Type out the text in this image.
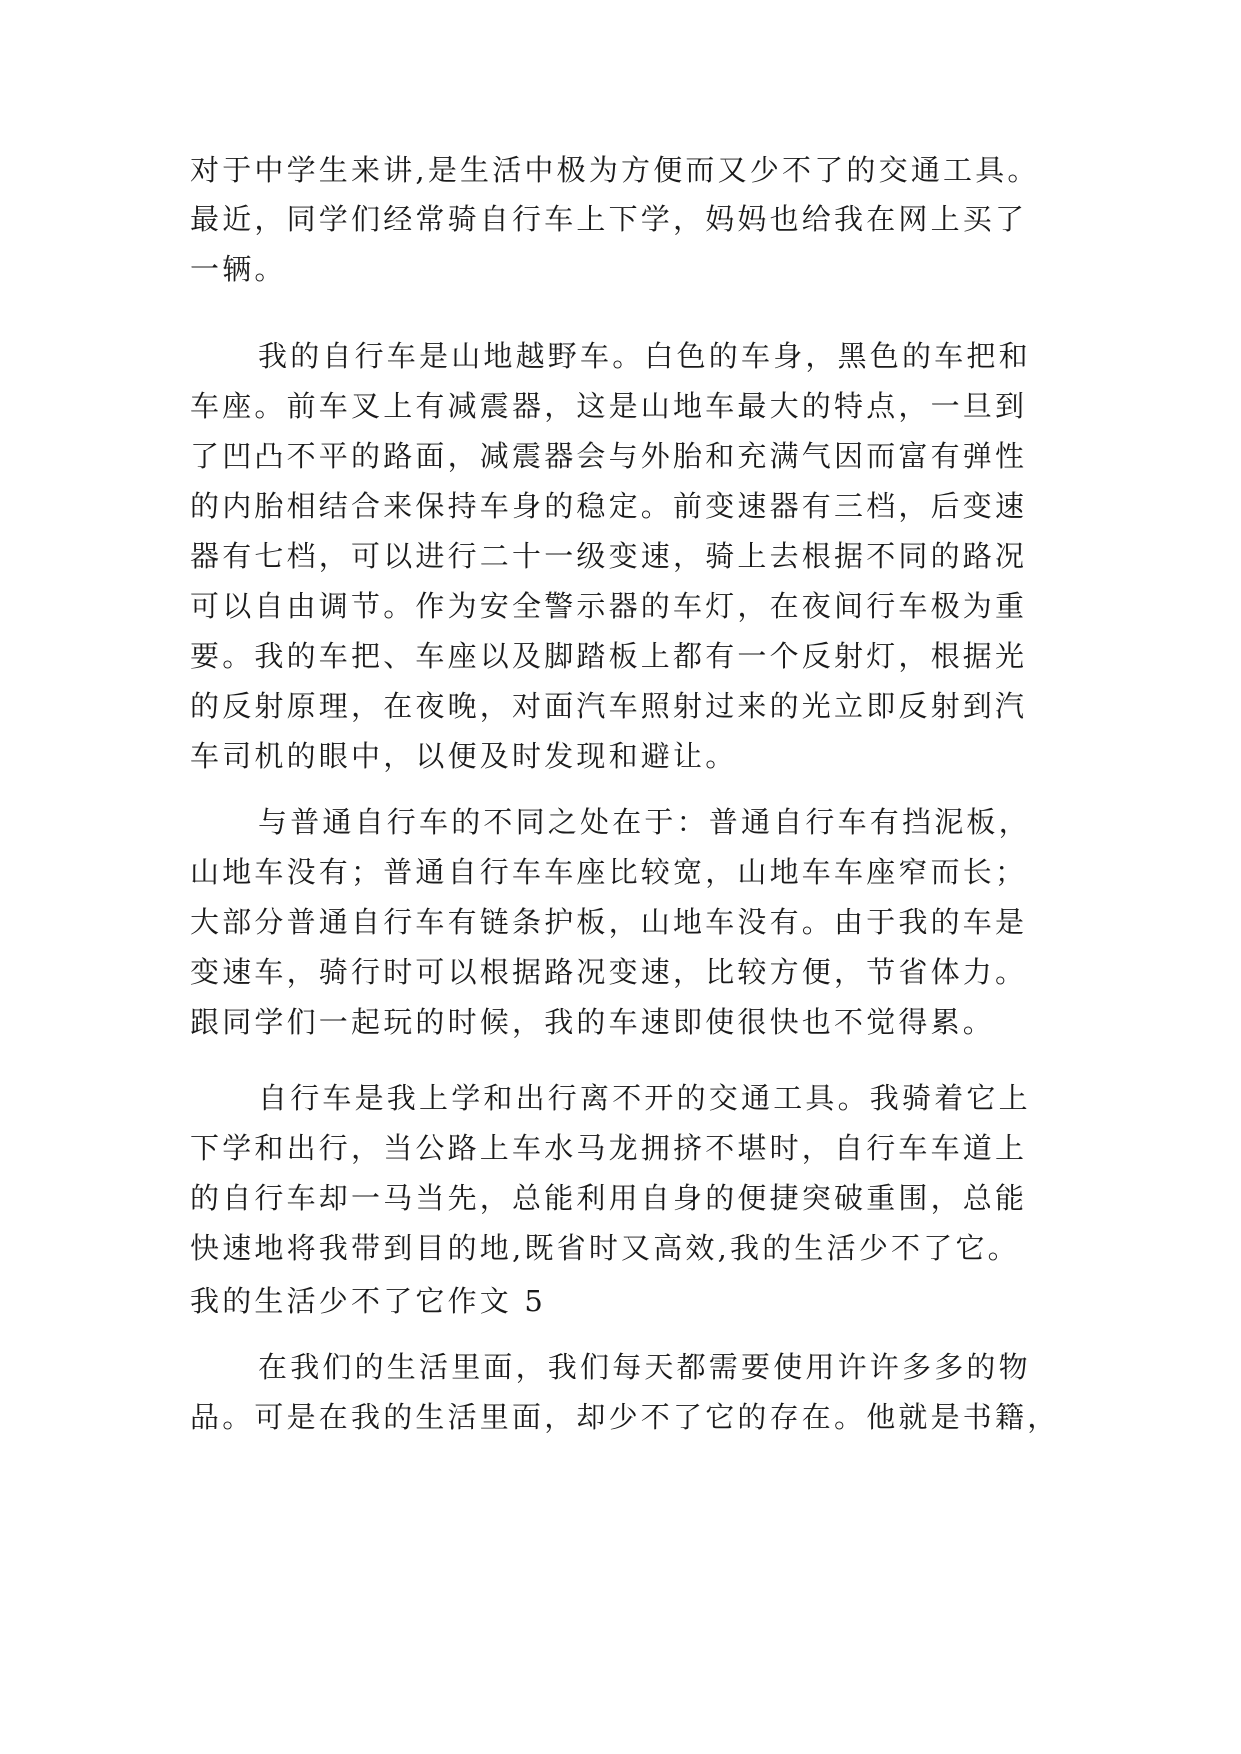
对于中学生来讲,是生活中极为方便而又少不了的交通工具。
最近，同学们经常骑自行车上下学，妈妈也给我在网上买了
一辆。
我的自行车是山地越野车。白色的车身，黑色的车把和
车座。前车叉上有减震器，这是山地车最大的特点，一旦到
了凹凸不平的路面，减震器会与外胎和充满气因而富有弹性
的内胎相结合来保持车身的稳定。前变速器有三档，后变速
器有七档，可以进行二十一级变速，骑上去根据不同的路况
可以自由调节。作为安全警示器的车灯，在夜间行车极为重
要。我的车把、车座以及脚踏板上都有一个反射灯，根据光
的反射原理，在夜晚，对面汽车照射过来的光立即反射到汽
车司机的眼中，以便及时发现和避让。
与普通自行车的不同之处在于：普通自行车有挡泥板，
山地车没有；普通自行车车座比较宽，山地车车座窄而长；
大部分普通自行车有链条护板，山地车没有。由于我的车是
变速车，骑行时可以根据路况变速，比较方便，节省体力。
跟同学们一起玩的时候，我的车速即使很快也不觉得累。
自行车是我上学和出行离不开的交通工具。我骑着它上
下学和出行，当公路上车水马龙拥挤不堪时，自行车车道上
的自行车却一马当先，总能利用自身的便捷突破重围，总能
快速地将我带到目的地,既省时又高效,我的生活少不了它。
我的生活少不了它作文 5
在我们的生活里面，我们每天都需要使用许许多多的物
品。可是在我的生活里面，却少不了它的存在。他就是书籍，
